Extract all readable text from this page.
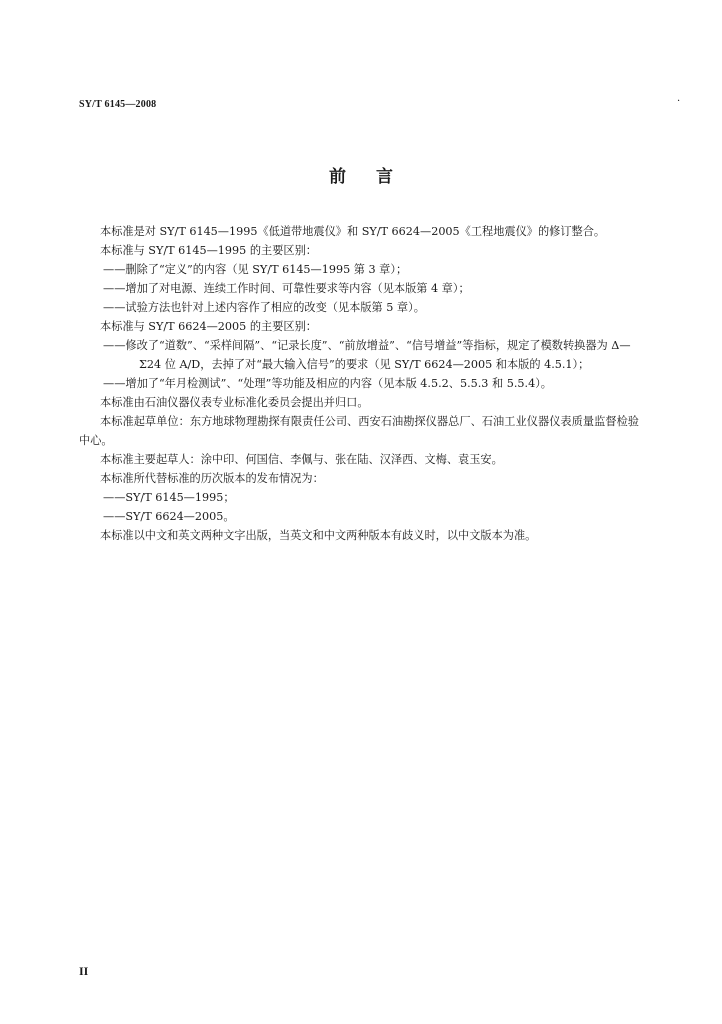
SY/T 6145—2008	·
前言

本标准是对 SY/T 6145—1995《低道带地震仪》和 SY/T 6624—2005《工程地震仪》的修订整合。

本标准与 SY/T 6145—1995 的主要区别：

——删除了“定义”的内容（见 SY/T 6145—1995 第 3 章）；

——增加了对电源、连续工作时间、可靠性要求等内容（见本版第 4 章）；

——试验方法也针对上述内容作了相应的改变（见本版第 5 章）。

本标准与 SY/T 6624—2005 的主要区别：

——修改了“道数”、“采样间隔”、“记录长度”、“前放增益”、“信号增益”等指标，规定了模数转换器为 Δ—Σ24 位 A/D，去掉了对“最大输入信号”的要求（见 SY/T 6624—2005 和本版的 4.5.1）；

——增加了“年月检测试”、“处理”等功能及相应的内容（见本版 4.5.2、5.5.3 和 5.5.4）。

本标准由石油仪器仪表专业标准化委员会提出并归口。

本标准起草单位：东方地球物理勘探有限责任公司、西安石油勘探仪器总厂、石油工业仪器仪表质量监督检验中心。

本标准主要起草人：涂中印、何国信、李佩与、张在陆、汉泽西、文梅、袁玉安。

本标准所代替标准的历次版本的发布情况为：

——SY/T 6145—1995；

——SY/T 6624—2005。

本标准以中文和英文两种文字出版，当英文和中文两种版本有歧义时，以中文版本为准。

II
